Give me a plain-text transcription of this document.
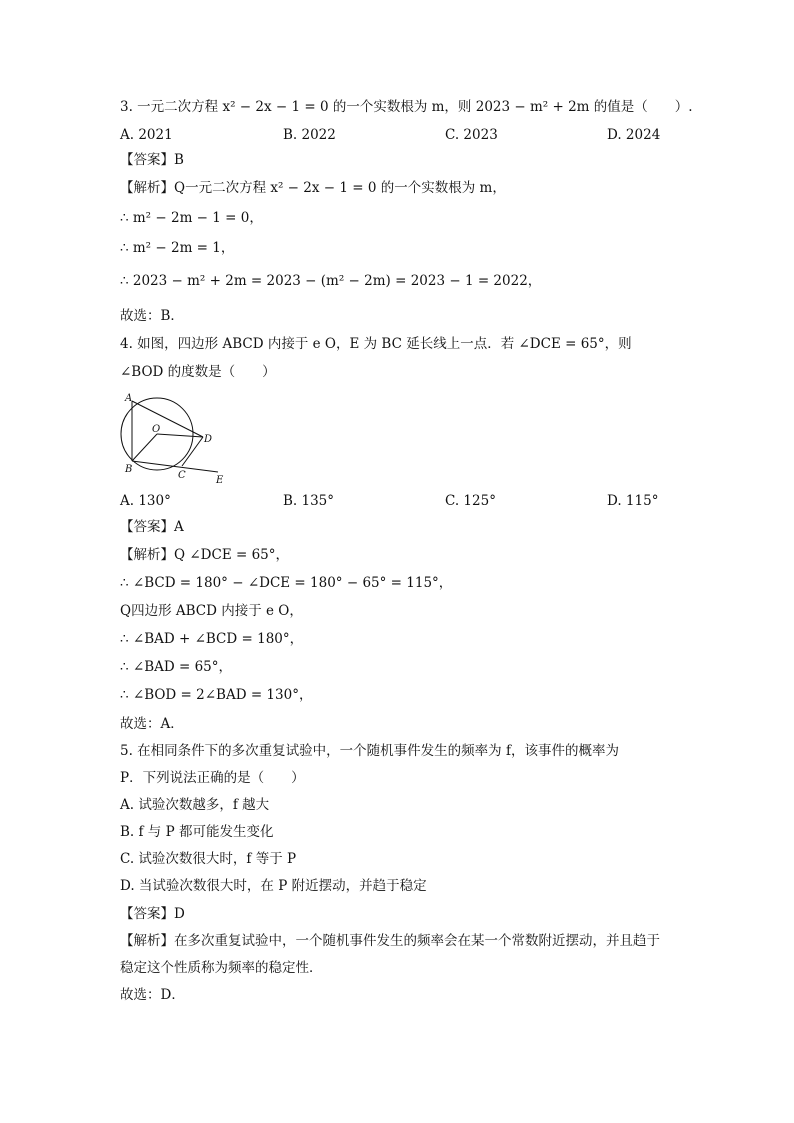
3. 一元二次方程 x² − 2x − 1 = 0 的一个实数根为 m，则 2023 − m² + 2m 的值是（　　）.
A. 2021	B. 2022	C. 2023	D. 2024
【答案】B
【解析】Q一元二次方程 x² − 2x − 1 = 0 的一个实数根为 m，
∴ m² − 2m − 1 = 0，
∴ m² − 2m = 1，
∴ 2023 − m² + 2m = 2023 − (m² − 2m) = 2023 − 1 = 2022，
故选：B．
4. 如图，四边形 ABCD 内接于 e O，E 为 BC 延长线上一点．若 ∠DCE = 65°，则
∠BOD 的度数是（　　）
A
O
D
B
C	E
A. 130°	B. 135°	C. 125°	D. 115°
【答案】A
【解析】Q ∠DCE = 65°，
∴ ∠BCD = 180° − ∠DCE = 180° − 65° = 115°，
Q四边形 ABCD 内接于 e O，
∴ ∠BAD + ∠BCD = 180°，
∴ ∠BAD = 65°，
∴ ∠BOD = 2∠BAD = 130°，
故选：A．
5. 在相同条件下的多次重复试验中，一个随机事件发生的频率为 f，该事件的概率为
P．下列说法正确的是（　　）
A. 试验次数越多，f 越大
B. f 与 P 都可能发生变化
C. 试验次数很大时，f 等于 P
D. 当试验次数很大时，在 P 附近摆动，并趋于稳定
【答案】D
【解析】在多次重复试验中，一个随机事件发生的频率会在某一个常数附近摆动，并且趋于
稳定这个性质称为频率的稳定性．
故选：D．
